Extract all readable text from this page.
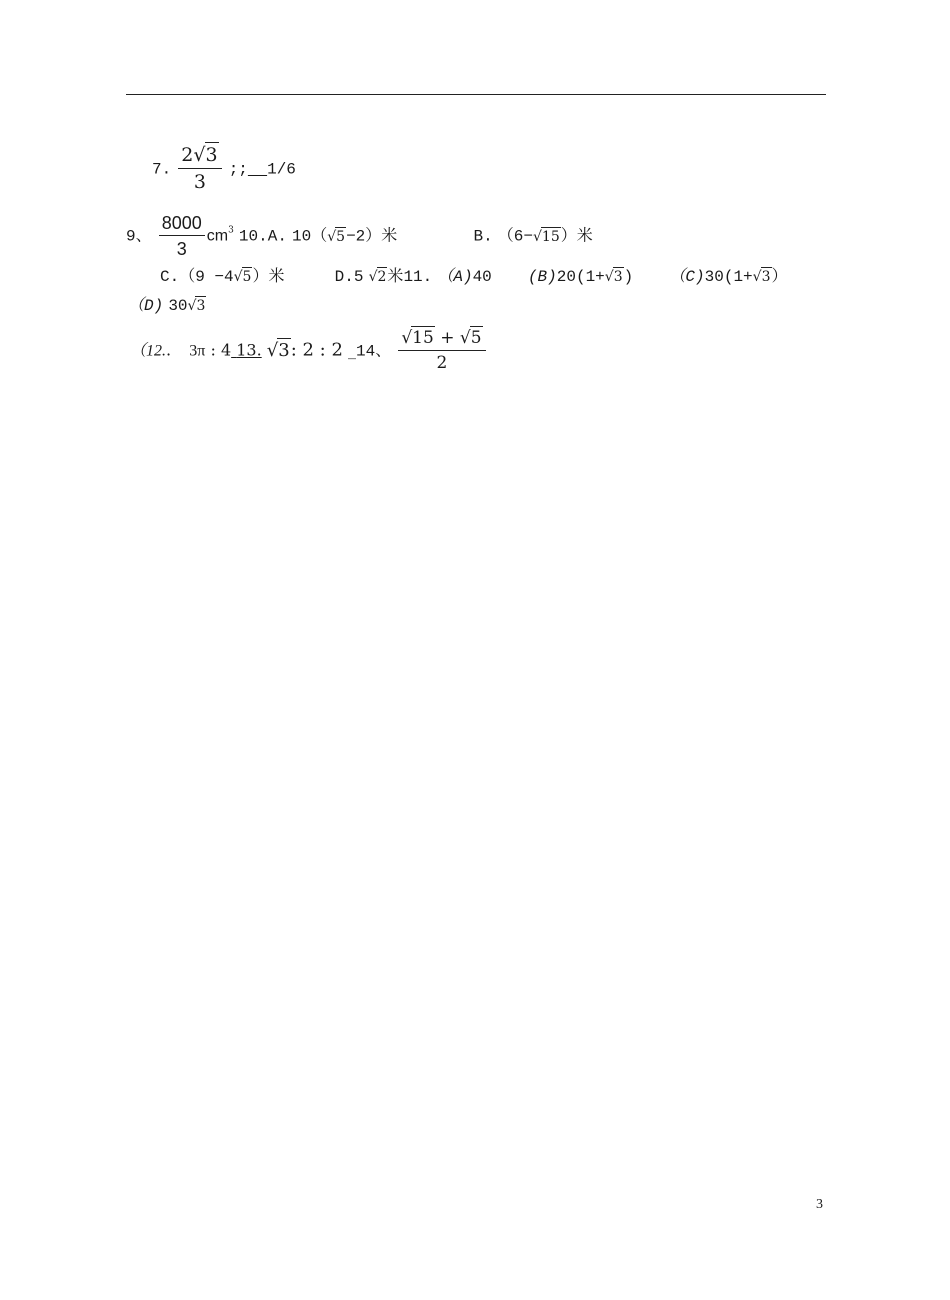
7. $\frac{2√3}{3}$ ;; 1/6
9、 $\frac{8000}{3} cm^3$ 10.A. 10（√5−2）米	B. （6−√15）米
C.（9 −4√5）米	D.5 √2米11. （A)40 (B)20(1+√3) （C)30(1+√3）
（D) 30√3
（12.. 3π : 4 13. √3: 2 : 2 _14、 $\frac{√15 + √5}{2}$
3
